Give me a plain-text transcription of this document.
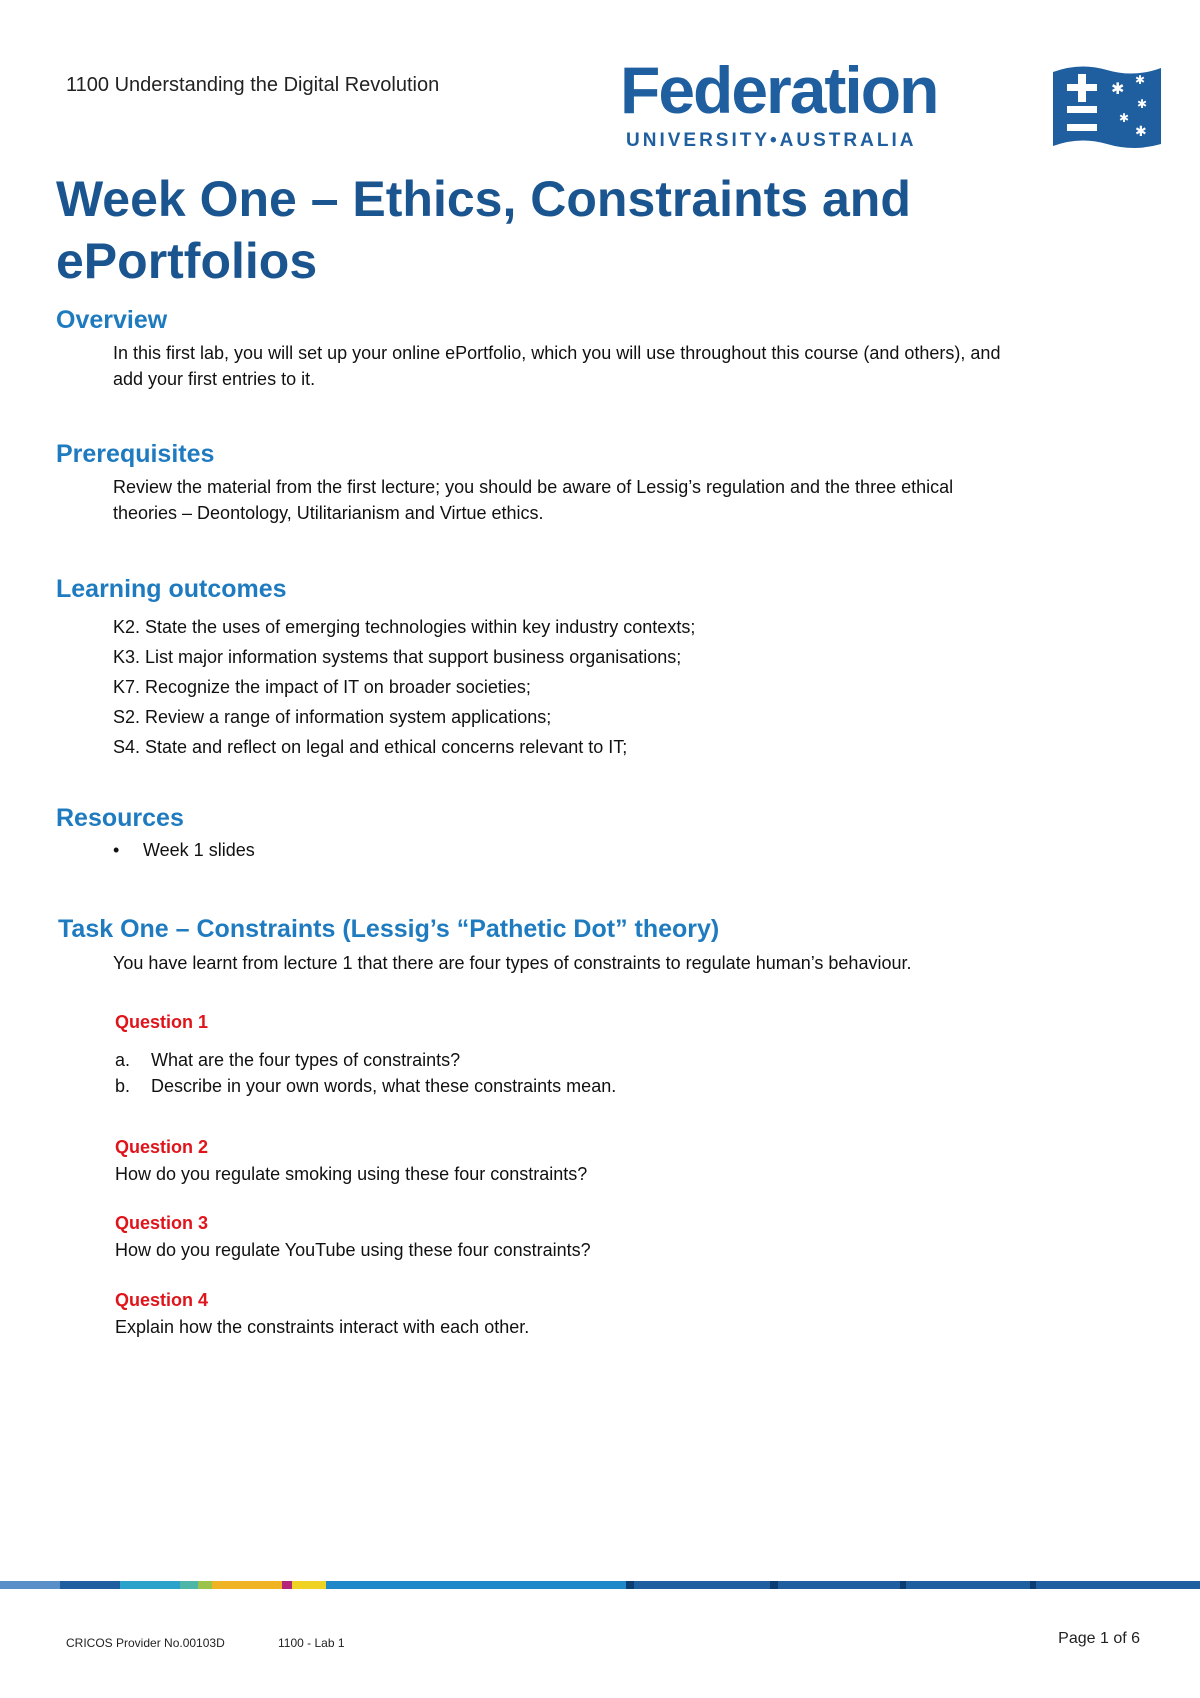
1100 Understanding the Digital Revolution	Federation
UNIVERSITY•AUSTRALIA
✱ ✱
✱
✱
✱
Week One – Ethics, Constraints and ePortfolios
Overview
In this first lab, you will set up your online ePortfolio, which you will use throughout this course (and others), and add your first entries to it.
Prerequisites
Review the material from the first lecture; you should be aware of Lessig’s regulation and the three ethical theories – Deontology, Utilitarianism and Virtue ethics.
Learning outcomes
K2. State the uses of emerging technologies within key industry contexts;
K3. List major information systems that support business organisations;
K7. Recognize the impact of IT on broader societies;
S2. Review a range of information system applications;
S4. State and reflect on legal and ethical concerns relevant to IT;
Resources
• Week 1 slides
Task One – Constraints (Lessig’s “Pathetic Dot” theory)
You have learnt from lecture 1 that there are four types of constraints to regulate human’s behaviour.
Question 1
a. What are the four types of constraints?
b. Describe in your own words, what these constraints mean.
Question 2
How do you regulate smoking using these four constraints?
Question 3
How do you regulate YouTube using these four constraints?
Question 4
Explain how the constraints interact with each other.
CRICOS Provider No.00103D	1100 - Lab 1	Page 1 of 6
